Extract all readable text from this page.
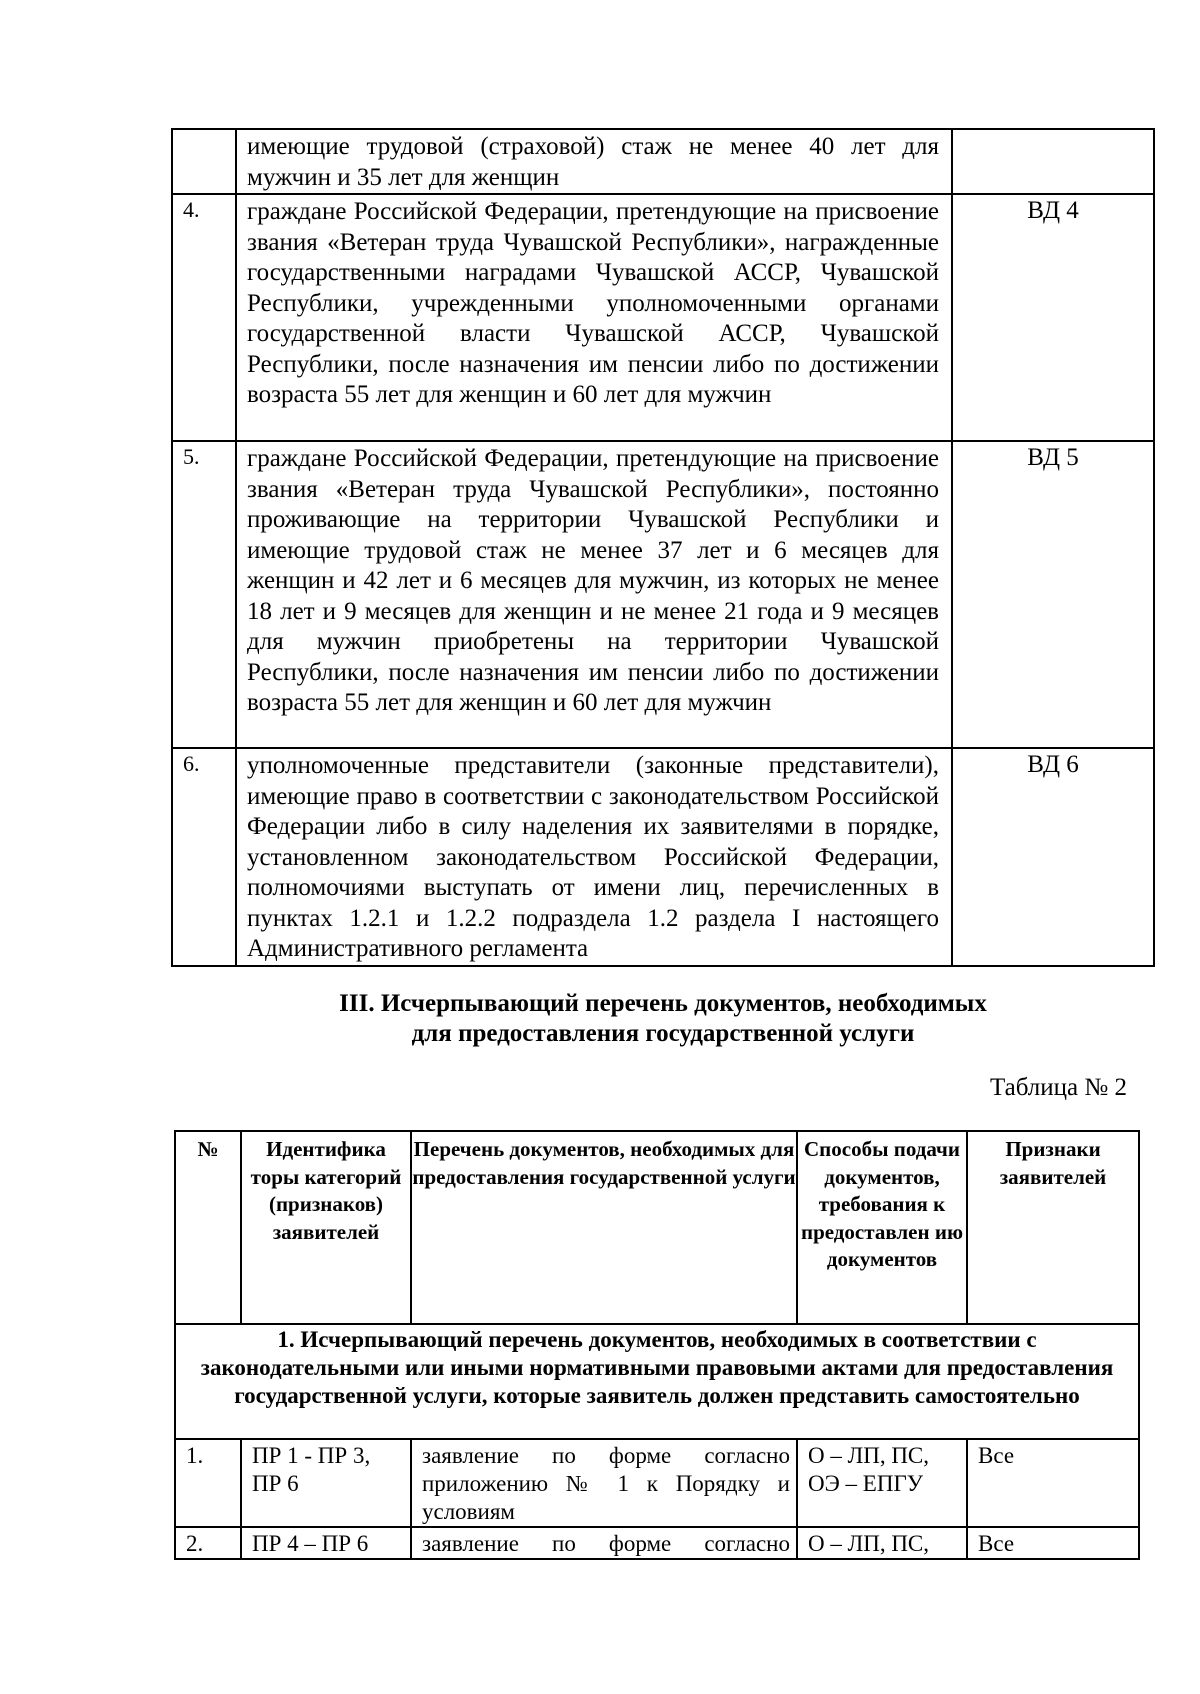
	имеющие трудовой (страховой) стаж не менее 40 лет для мужчин и 35 лет для женщин	
4.	граждане Российской Федерации, претендующие на присвоение звания «Ветеран труда Чувашской Республики», награжденные государственными наградами Чувашской АССР, Чувашской Республики, учрежденными уполномоченными органами государственной власти Чувашской АССР, Чувашской Республики, после назначения им пенсии либо по достижении возраста 55 лет для женщин и 60 лет для мужчин	ВД 4
5.	граждане Российской Федерации, претендующие на присвоение звания «Ветеран труда Чувашской Республики», постоянно проживающие на территории Чувашской Республики и имеющие трудовой стаж не менее 37 лет и 6 месяцев для женщин и 42 лет и 6 месяцев для мужчин, из которых не менее 18 лет и 9 месяцев для женщин и не менее 21 года и 9 месяцев для мужчин приобретены на территории Чувашской Республики, после назначения им пенсии либо по достижении возраста 55 лет для женщин и 60 лет для мужчин	ВД 5
6.	уполномоченные представители (законные представители), имеющие право в соответствии с законодательством Российской Федерации либо в силу наделения их заявителями в порядке, установленном законодательством Российской Федерации, полномочиями выступать от имени лиц, перечисленных в пунктах 1.2.1 и 1.2.2 подраздела 1.2 раздела I настоящего Административного регламента	ВД 6
III. Исчерпывающий перечень документов, необходимых
для предоставления государственной услуги
Таблица № 2
№	Идентифика торы категорий (признаков) заявителей	Перечень документов, необходимых для предоставления государственной услуги	Способы подачи документов, требования к предоставлен ию документов	Признаки заявителей
1. Исчерпывающий перечень документов, необходимых в соответствии с законодательными или иными нормативными правовыми актами для предоставления государственной услуги, которые заявитель должен представить самостоятельно				
1.	ПР 1 - ПР 3, ПР 6	заявление по форме согласно приложению № 1 к Порядку и условиям	О – ЛП, ПС, ОЭ – ЕПГУ	Все
2.	ПР 4 – ПР 6	заявление по форме согласно	О – ЛП, ПС,	Все
